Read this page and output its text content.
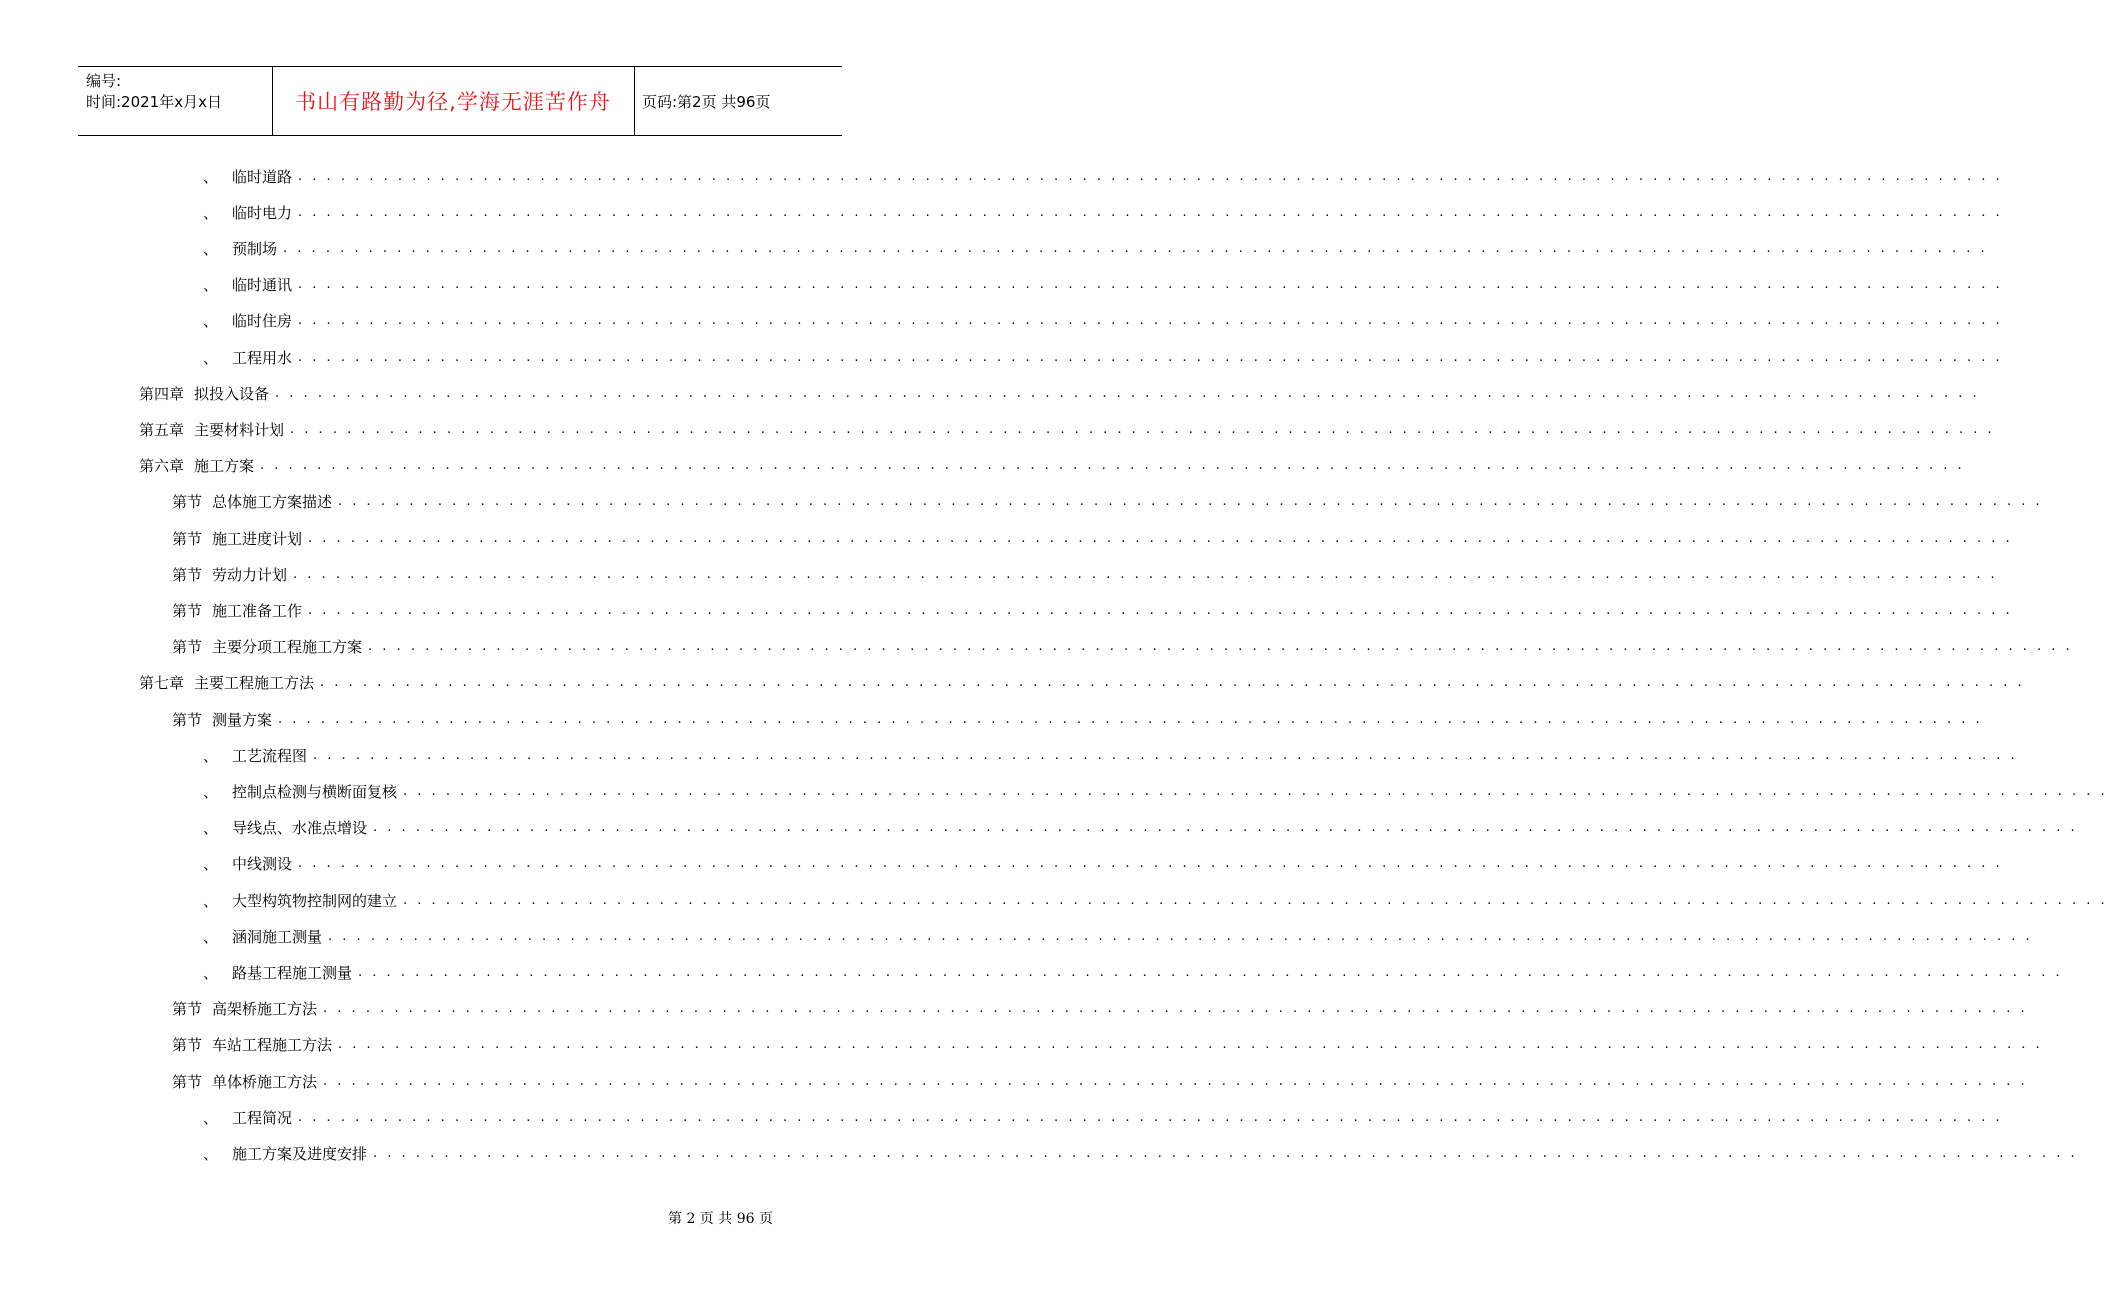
编号:
时间:2021年x月x日	书山有路勤为径,学海无涯苦作舟	页码:第2页 共96页
、 临时道路 . . . . . . . . . . . . . . . . . . . . . . . . . . . . . . . . . . . . . . . . . . . . . . . . . . . . . . . . . . . . . . . . . . . . . . . . . . . . . . . . . . . . . . . . . . . . . . . . . . . . . . . . . . . . . . . . . . . . . . . .
、 临时电力 . . . . . . . . . . . . . . . . . . . . . . . . . . . . . . . . . . . . . . . . . . . . . . . . . . . . . . . . . . . . . . . . . . . . . . . . . . . . . . . . . . . . . . . . . . . . . . . . . . . . . . . . . . . . . . . . . . . . . . . .
、 预制场 . . . . . . . . . . . . . . . . . . . . . . . . . . . . . . . . . . . . . . . . . . . . . . . . . . . . . . . . . . . . . . . . . . . . . . . . . . . . . . . . . . . . . . . . . . . . . . . . . . . . . . . . . . . . . . . . . . . . . . . .
、 临时通讯 . . . . . . . . . . . . . . . . . . . . . . . . . . . . . . . . . . . . . . . . . . . . . . . . . . . . . . . . . . . . . . . . . . . . . . . . . . . . . . . . . . . . . . . . . . . . . . . . . . . . . . . . . . . . . . . . . . . . . . . .
、 临时住房 . . . . . . . . . . . . . . . . . . . . . . . . . . . . . . . . . . . . . . . . . . . . . . . . . . . . . . . . . . . . . . . . . . . . . . . . . . . . . . . . . . . . . . . . . . . . . . . . . . . . . . . . . . . . . . . . . . . . . . . .
、 工程用水 . . . . . . . . . . . . . . . . . . . . . . . . . . . . . . . . . . . . . . . . . . . . . . . . . . . . . . . . . . . . . . . . . . . . . . . . . . . . . . . . . . . . . . . . . . . . . . . . . . . . . . . . . . . . . . . . . . . . . . . .
第四章 拟投入设备 . . . . . . . . . . . . . . . . . . . . . . . . . . . . . . . . . . . . . . . . . . . . . . . . . . . . . . . . . . . . . . . . . . . . . . . . . . . . . . . . . . . . . . . . . . . . . . . . . . . . . . . . . . . . . . . . . . . . . . . .
第五章 主要材料计划 . . . . . . . . . . . . . . . . . . . . . . . . . . . . . . . . . . . . . . . . . . . . . . . . . . . . . . . . . . . . . . . . . . . . . . . . . . . . . . . . . . . . . . . . . . . . . . . . . . . . . . . . . . . . . . . . . . . . . . . .
第六章 施工方案 . . . . . . . . . . . . . . . . . . . . . . . . . . . . . . . . . . . . . . . . . . . . . . . . . . . . . . . . . . . . . . . . . . . . . . . . . . . . . . . . . . . . . . . . . . . . . . . . . . . . . . . . . . . . . . . . . . . . . . . .
第节 总体施工方案描述 . . . . . . . . . . . . . . . . . . . . . . . . . . . . . . . . . . . . . . . . . . . . . . . . . . . . . . . . . . . . . . . . . . . . . . . . . . . . . . . . . . . . . . . . . . . . . . . . . . . . . . . . . . . . . . . . . . . . . . . .
第节 施工进度计划 . . . . . . . . . . . . . . . . . . . . . . . . . . . . . . . . . . . . . . . . . . . . . . . . . . . . . . . . . . . . . . . . . . . . . . . . . . . . . . . . . . . . . . . . . . . . . . . . . . . . . . . . . . . . . . . . . . . . . . . .
第节 劳动力计划 . . . . . . . . . . . . . . . . . . . . . . . . . . . . . . . . . . . . . . . . . . . . . . . . . . . . . . . . . . . . . . . . . . . . . . . . . . . . . . . . . . . . . . . . . . . . . . . . . . . . . . . . . . . . . . . . . . . . . . . .
第节 施工准备工作 . . . . . . . . . . . . . . . . . . . . . . . . . . . . . . . . . . . . . . . . . . . . . . . . . . . . . . . . . . . . . . . . . . . . . . . . . . . . . . . . . . . . . . . . . . . . . . . . . . . . . . . . . . . . . . . . . . . . . . . .
第节 主要分项工程施工方案 . . . . . . . . . . . . . . . . . . . . . . . . . . . . . . . . . . . . . . . . . . . . . . . . . . . . . . . . . . . . . . . . . . . . . . . . . . . . . . . . . . . . . . . . . . . . . . . . . . . . . . . . . . . . . . . . . . . . . . . .
第七章 主要工程施工方法 . . . . . . . . . . . . . . . . . . . . . . . . . . . . . . . . . . . . . . . . . . . . . . . . . . . . . . . . . . . . . . . . . . . . . . . . . . . . . . . . . . . . . . . . . . . . . . . . . . . . . . . . . . . . . . . . . . . . . . . .
第节 测量方案 . . . . . . . . . . . . . . . . . . . . . . . . . . . . . . . . . . . . . . . . . . . . . . . . . . . . . . . . . . . . . . . . . . . . . . . . . . . . . . . . . . . . . . . . . . . . . . . . . . . . . . . . . . . . . . . . . . . . . . . .
、 工艺流程图 . . . . . . . . . . . . . . . . . . . . . . . . . . . . . . . . . . . . . . . . . . . . . . . . . . . . . . . . . . . . . . . . . . . . . . . . . . . . . . . . . . . . . . . . . . . . . . . . . . . . . . . . . . . . . . . . . . . . . . . .
、 控制点检测与横断面复核 . . . . . . . . . . . . . . . . . . . . . . . . . . . . . . . . . . . . . . . . . . . . . . . . . . . . . . . . . . . . . . . . . . . . . . . . . . . . . . . . . . . . . . . . . . . . . . . . . . . . . . . . . . . . . . . . . . . . . . . .
、 导线点、水准点增设 . . . . . . . . . . . . . . . . . . . . . . . . . . . . . . . . . . . . . . . . . . . . . . . . . . . . . . . . . . . . . . . . . . . . . . . . . . . . . . . . . . . . . . . . . . . . . . . . . . . . . . . . . . . . . . . . . . . . . . . .
、 中线测设 . . . . . . . . . . . . . . . . . . . . . . . . . . . . . . . . . . . . . . . . . . . . . . . . . . . . . . . . . . . . . . . . . . . . . . . . . . . . . . . . . . . . . . . . . . . . . . . . . . . . . . . . . . . . . . . . . . . . . . . .
、 大型构筑物控制网的建立 . . . . . . . . . . . . . . . . . . . . . . . . . . . . . . . . . . . . . . . . . . . . . . . . . . . . . . . . . . . . . . . . . . . . . . . . . . . . . . . . . . . . . . . . . . . . . . . . . . . . . . . . . . . . . . . . . . . . . . . .
、 涵洞施工测量 . . . . . . . . . . . . . . . . . . . . . . . . . . . . . . . . . . . . . . . . . . . . . . . . . . . . . . . . . . . . . . . . . . . . . . . . . . . . . . . . . . . . . . . . . . . . . . . . . . . . . . . . . . . . . . . . . . . . . . . .
、 路基工程施工测量 . . . . . . . . . . . . . . . . . . . . . . . . . . . . . . . . . . . . . . . . . . . . . . . . . . . . . . . . . . . . . . . . . . . . . . . . . . . . . . . . . . . . . . . . . . . . . . . . . . . . . . . . . . . . . . . . . . . . . . . .
第节 高架桥施工方法 . . . . . . . . . . . . . . . . . . . . . . . . . . . . . . . . . . . . . . . . . . . . . . . . . . . . . . . . . . . . . . . . . . . . . . . . . . . . . . . . . . . . . . . . . . . . . . . . . . . . . . . . . . . . . . . . . . . . . . . .
第节 车站工程施工方法 . . . . . . . . . . . . . . . . . . . . . . . . . . . . . . . . . . . . . . . . . . . . . . . . . . . . . . . . . . . . . . . . . . . . . . . . . . . . . . . . . . . . . . . . . . . . . . . . . . . . . . . . . . . . . . . . . . . . . . . .
第节 单体桥施工方法 . . . . . . . . . . . . . . . . . . . . . . . . . . . . . . . . . . . . . . . . . . . . . . . . . . . . . . . . . . . . . . . . . . . . . . . . . . . . . . . . . . . . . . . . . . . . . . . . . . . . . . . . . . . . . . . . . . . . . . . .
、 工程简况 . . . . . . . . . . . . . . . . . . . . . . . . . . . . . . . . . . . . . . . . . . . . . . . . . . . . . . . . . . . . . . . . . . . . . . . . . . . . . . . . . . . . . . . . . . . . . . . . . . . . . . . . . . . . . . . . . . . . . . . .
、 施工方案及进度安排 . . . . . . . . . . . . . . . . . . . . . . . . . . . . . . . . . . . . . . . . . . . . . . . . . . . . . . . . . . . . . . . . . . . . . . . . . . . . . . . . . . . . . . . . . . . . . . . . . . . . . . . . . . . . . . . . . . . . . . . .
第 2 页 共 96 页
